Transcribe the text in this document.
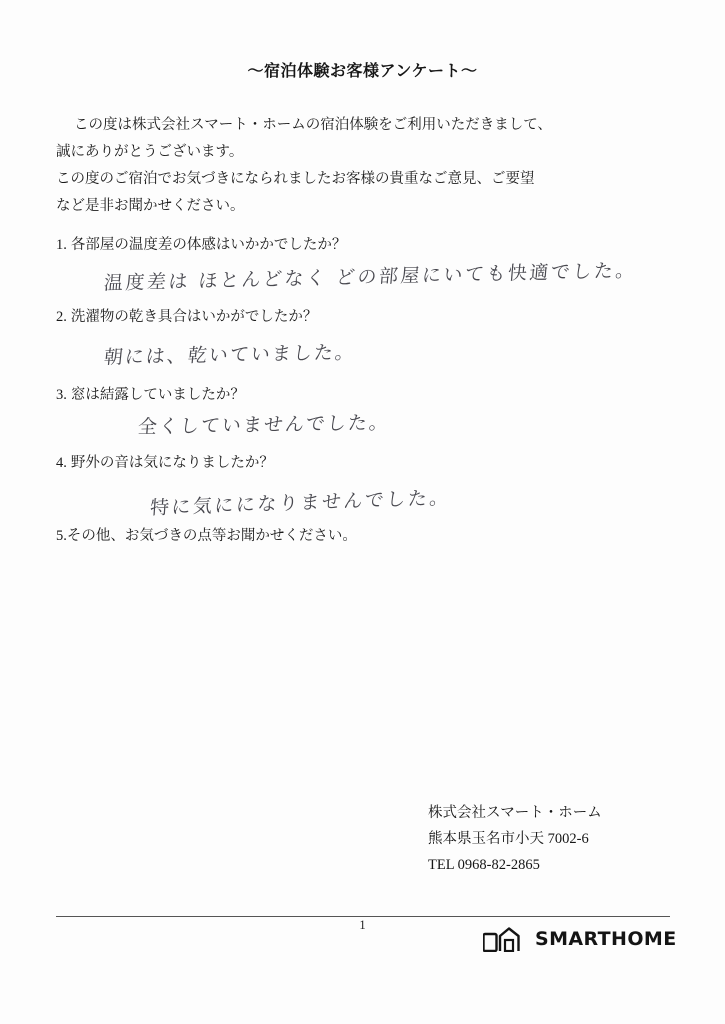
〜宿泊体験お客様アンケート〜
この度は株式会社スマート・ホームの宿泊体験をご利用いただきまして、
誠にありがとうございます。
この度のご宿泊でお気づきになられましたお客様の貴重なご意見、ご要望
など是非お聞かせください。
1. 各部屋の温度差の体感はいかかでしたか？
温度差は ほとんどなく どの部屋にいても快適でした。
2. 洗濯物の乾き具合はいかがでしたか？
朝には、乾いていました。
3. 窓は結露していましたか？
全くしていませんでした。
4. 野外の音は気になりましたか？
特に気にになりませんでした。
5.その他、お気づきの点等お聞かせください。
株式会社スマート・ホーム
熊本県玉名市小天 7002-6
TEL 0968-82-2865
1
SMARTHOME
